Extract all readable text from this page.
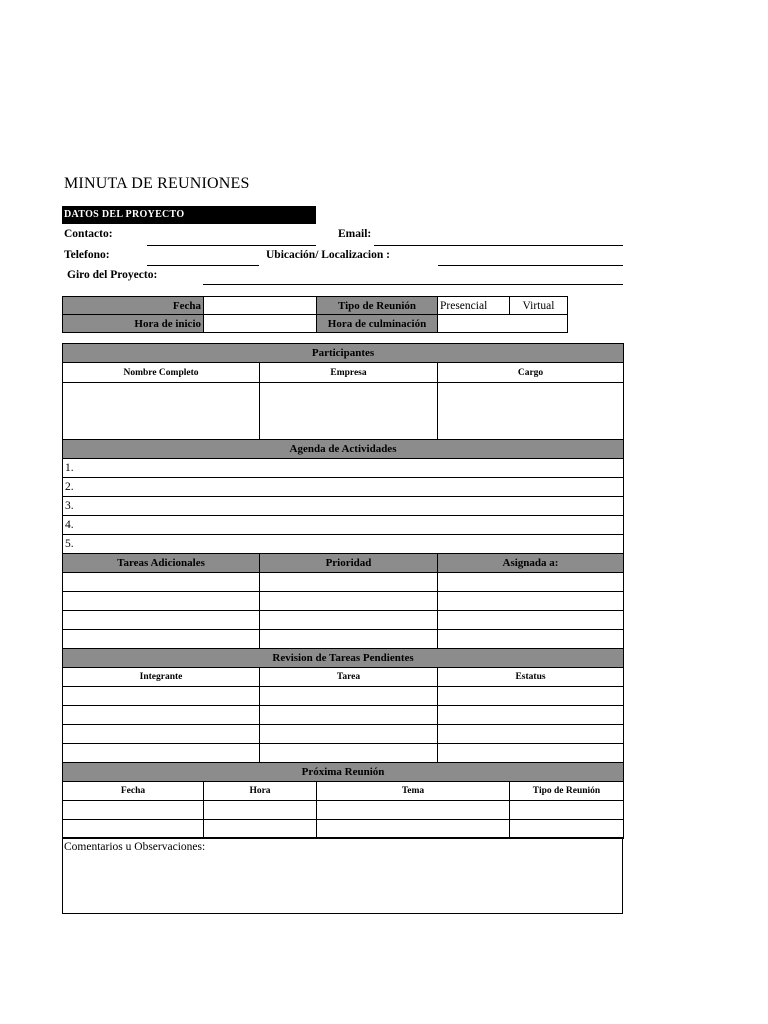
MINUTA DE REUNIONES
DATOS DEL PROYECTO
Contacto:	Email:
Telefono:	Ubicación/ Localizacion :
Giro del Proyecto:
Fecha		Tipo de Reunión	Presencial	Virtual
Hora de inicio		Hora de culminación		
Participantes		
Nombre Completo	Empresa	Cargo

Agenda de Actividades		
1.		
2.		
3.		
4.		
5.		
Tareas Adicionales	Prioridad	Asignada a:

Revision de Tareas Pendientes		
Integrante	Tarea	Estatus

Próxima Reunión			
Fecha	Hora	Tema	Tipo de Reunión

Comentarios u Observaciones:
